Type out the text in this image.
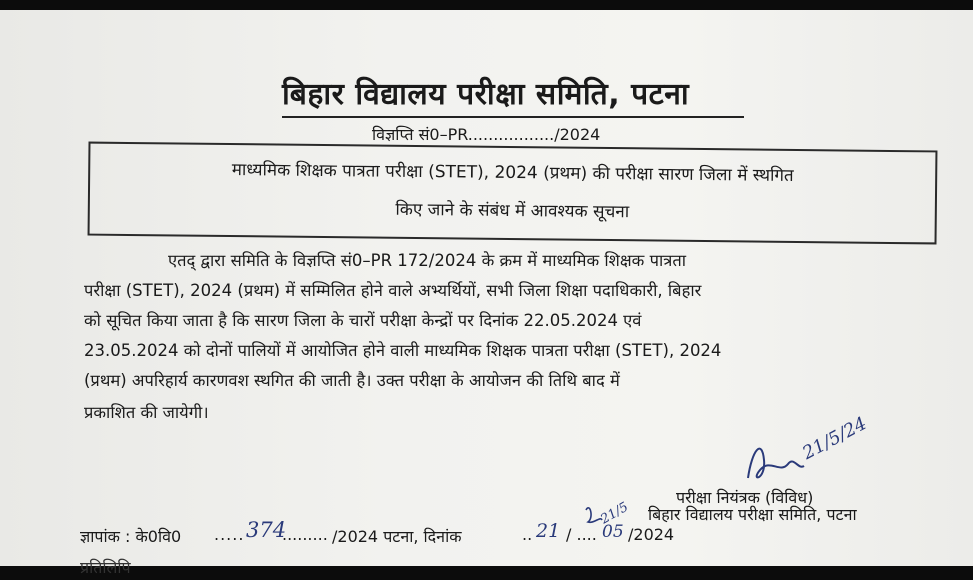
बिहार विद्यालय परीक्षा समिति, पटना
विज्ञप्ति सं0–PR................./2024
माध्यमिक शिक्षक पात्रता परीक्षा (STET), 2024 (प्रथम) की परीक्षा सारण जिला में स्थगित
किए जाने के संबंध में आवश्यक सूचना
एतद् द्वारा समिति के विज्ञप्ति सं0–PR 172/2024 के क्रम में माध्यमिक शिक्षक पात्रता
परीक्षा (STET), 2024 (प्रथम) में सम्मिलित होने वाले अभ्यर्थियों, सभी जिला शिक्षा पदाधिकारी, बिहार
को सूचित किया जाता है कि सारण जिला के चारों परीक्षा केन्द्रों पर दिनांक 22.05.2024 एवं
23.05.2024 को दोनों पालियों में आयोजित होने वाली माध्यमिक शिक्षक पात्रता परीक्षा (STET), 2024
(प्रथम) अपरिहार्य कारणवश स्थगित की जाती है। उक्त परीक्षा के आयोजन की तिथि बाद में
प्रकाशित की जायेगी।
21/5/24
परीक्षा नियंत्रक (विविध)
21/5
ज्ञापांक : के0वि0 ..... 374
......... /2024 पटना, दिनांक	.. 21 / .... 05 /2024
बिहार विद्यालय परीक्षा समिति, पटना
प्रतिलिपि
